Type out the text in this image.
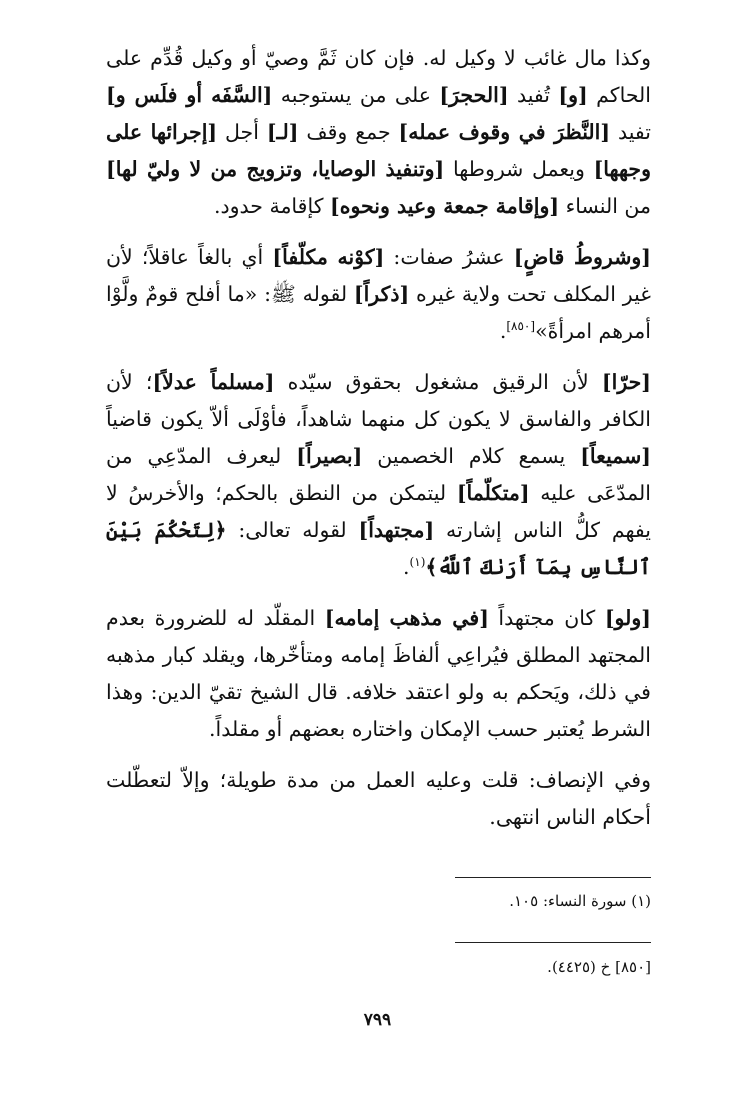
وكذا مال غائب لا وكيل له. فإن كان ثَمَّ وصيّ أو وكيل قُدِّم على الحاكم [و] تُفيد [الحجرَ] على من يستوجبه [السَّفَه أو فلَس و] تفيد [النَّظرَ في وقوف عمله] جمع وقف [لـ] أجل [إجرائها على وجهها] ويعمل شروطها [وتنفيذ الوصايا، وتزويج من لا وليّ لها] من النساء [وإقامة جمعة وعيد ونحوه] كإقامة حدود.

[وشروطُ قاضٍ] عشرُ صفات: [كوْنه مكلّفاً] أي بالغاً عاقلاً؛ لأن غير المكلف تحت ولاية غيره [ذكراً] لقوله ﷺ: «ما أفلح قومٌ ولَّوْا أمرهم امرأةً»[٨٥٠].

[حرّا] لأن الرقيق مشغول بحقوق سيّده [مسلماً عدلاً]؛ لأن الكافر والفاسق لا يكون كل منهما شاهداً، فأوْلَى ألاّ يكون قاضياً [سميعاً] يسمع كلام الخصمين [بصيراً] ليعرف المدّعِي من المدّعَى عليه [متكلّماً] ليتمكن من النطق بالحكم؛ والأخرسُ لا يفهم كلُّ الناس إشارته [مجتهداً] لقوله تعالى: ﴿لِتَحْكُمَ بَيْنَ ٱلنَّاسِ بِمَآ أَرَىٰكَ ٱللَّهُ﴾$^{(١)}$.

[ولو] كان مجتهداً [في مذهب إمامه] المقلّد له للضرورة بعدم المجتهد المطلق فيُراعِي ألفاظَ إمامه ومتأخّرها، ويقلد كبار مذهبه في ذلك، ويَحكم به ولو اعتقد خلافه. قال الشيخ تقيّ الدين: وهذا الشرط يُعتبر حسب الإمكان واختاره بعضهم أو مقلداً.

وفي الإنصاف: قلت وعليه العمل من مدة طويلة؛ وإلاّ لتعطّلت أحكام الناس انتهى.

(١) سورة النساء: ١٠٥.
[٨٥٠] خ (٤٤٢٥).
٧٩٩
